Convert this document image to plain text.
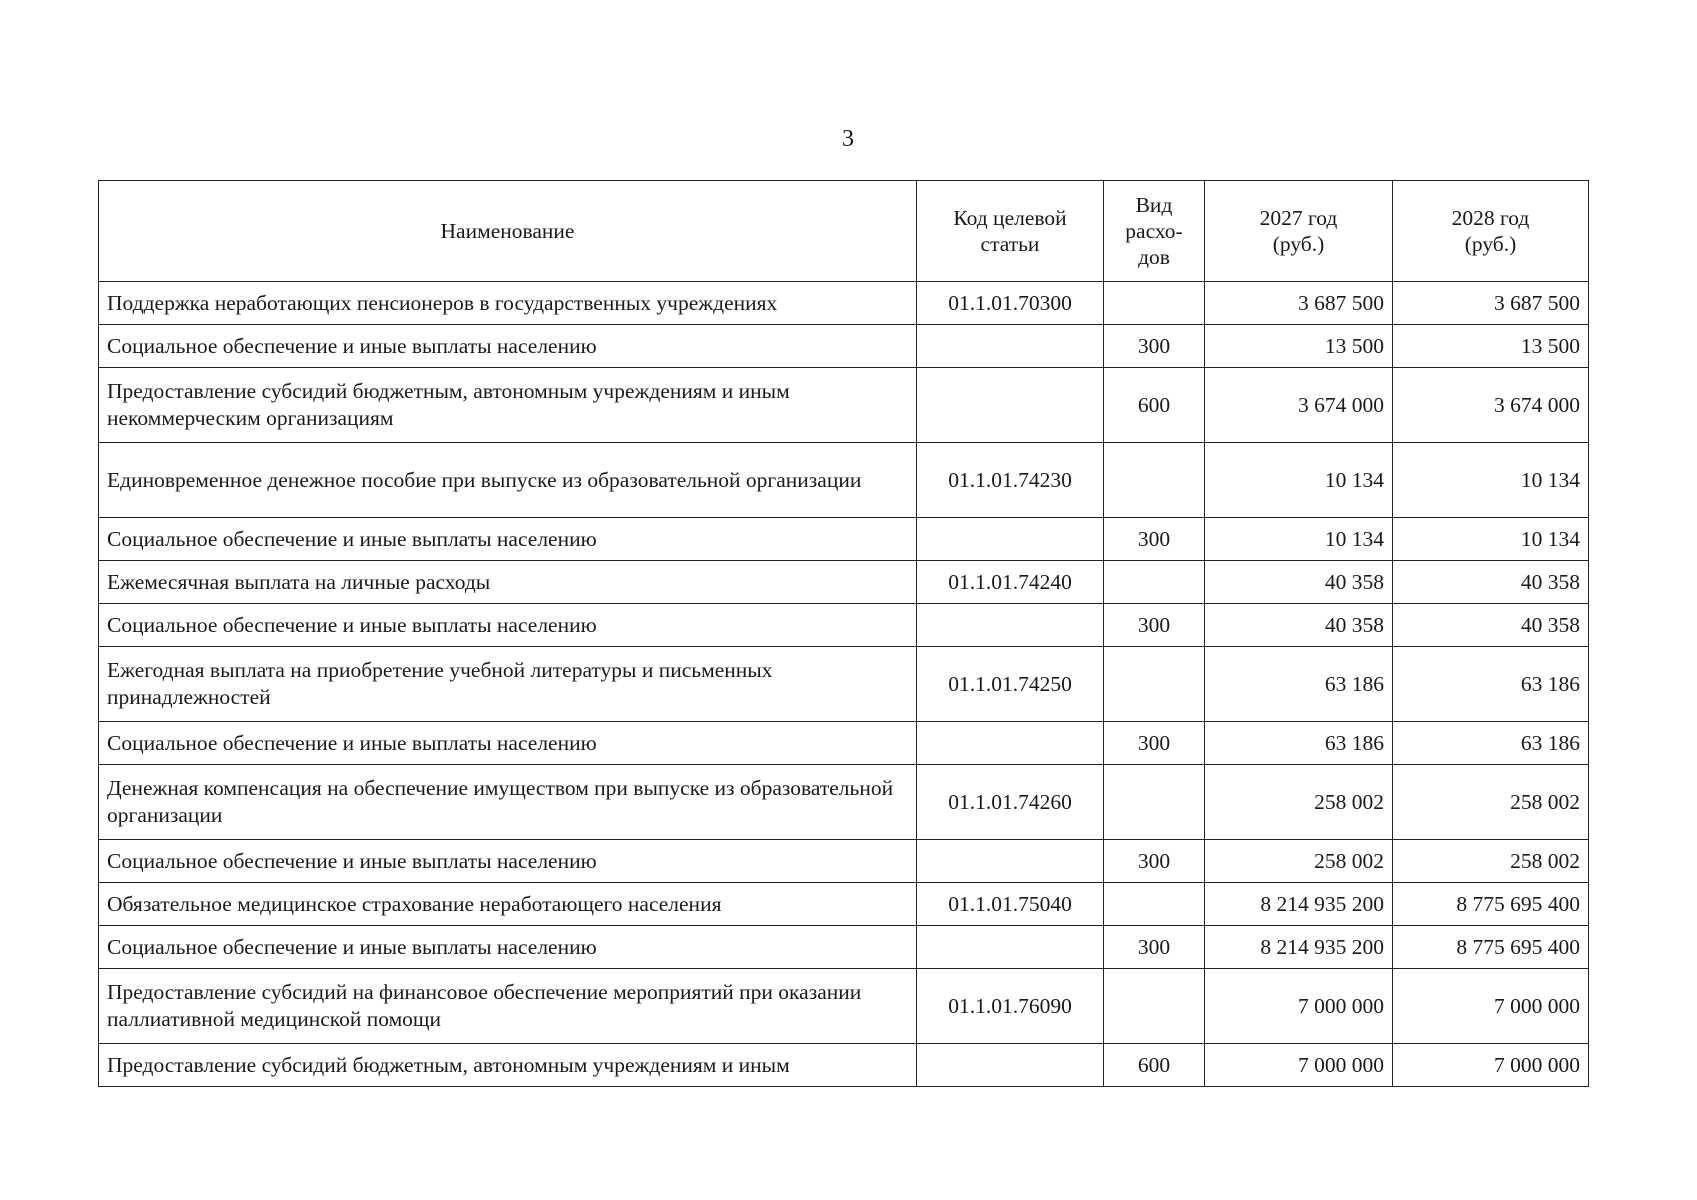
3
Наименование	Код целевой статьи	Вид расхо-дов	2027 год (руб.)	2028 год (руб.)
Поддержка неработающих пенсионеров в государственных учреждениях	01.1.01.70300		3 687 500	3 687 500
Социальное обеспечение и иные выплаты населению		300	13 500	13 500
Предоставление субсидий бюджетным, автономным учреждениям и иным некоммерческим организациям		600	3 674 000	3 674 000
Единовременное денежное пособие при выпуске из образовательной организации	01.1.01.74230		10 134	10 134
Социальное обеспечение и иные выплаты населению		300	10 134	10 134
Ежемесячная выплата на личные расходы	01.1.01.74240		40 358	40 358
Социальное обеспечение и иные выплаты населению		300	40 358	40 358
Ежегодная выплата на приобретение учебной литературы и письменных принадлежностей	01.1.01.74250		63 186	63 186
Социальное обеспечение и иные выплаты населению		300	63 186	63 186
Денежная компенсация на обеспечение имуществом при выпуске из образовательной организации	01.1.01.74260		258 002	258 002
Социальное обеспечение и иные выплаты населению		300	258 002	258 002
Обязательное медицинское страхование неработающего населения	01.1.01.75040		8 214 935 200	8 775 695 400
Социальное обеспечение и иные выплаты населению		300	8 214 935 200	8 775 695 400
Предоставление субсидий на финансовое обеспечение мероприятий при оказании паллиативной медицинской помощи	01.1.01.76090		7 000 000	7 000 000
Предоставление субсидий бюджетным, автономным учреждениям и иным		600	7 000 000	7 000 000
